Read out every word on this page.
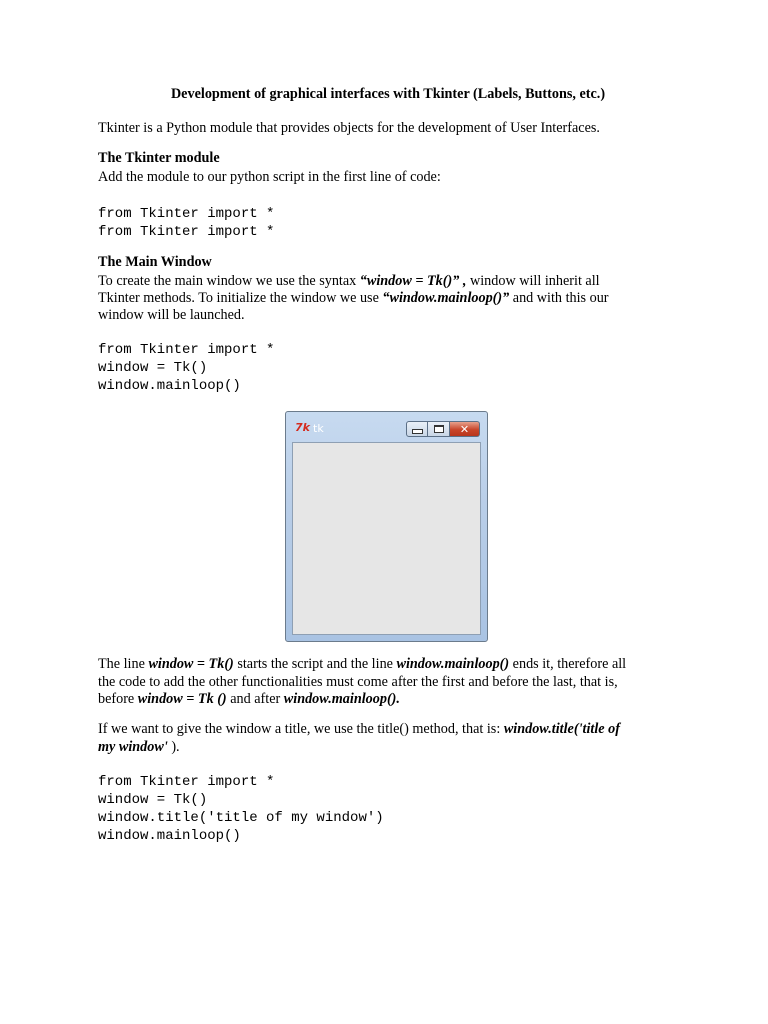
Development of graphical interfaces with Tkinter (Labels, Buttons, etc.)
Tkinter is a Python module that provides objects for the development of User Interfaces.
The Tkinter module
Add the module to our python script in the first line of code:
from Tkinter import *
from Tkinter import *
The Main Window
To create the main window we use the syntax “window = Tk()” , window will inherit all
Tkinter methods. To initialize the window we use “window.mainloop()” and with this our
window will be launched.
from Tkinter import *
window = Tk()
window.mainloop()
The line window = Tk() starts the script and the line window.mainloop() ends it, therefore all
the code to add the other functionalities must come after the first and before the last, that is,
before window = Tk () and after window.mainloop().
If we want to give the window a title, we use the title() method, that is: window.title('title of
my window' ).
from Tkinter import *
window = Tk()
window.title('title of my window')
window.mainloop()
7k tk	✕
